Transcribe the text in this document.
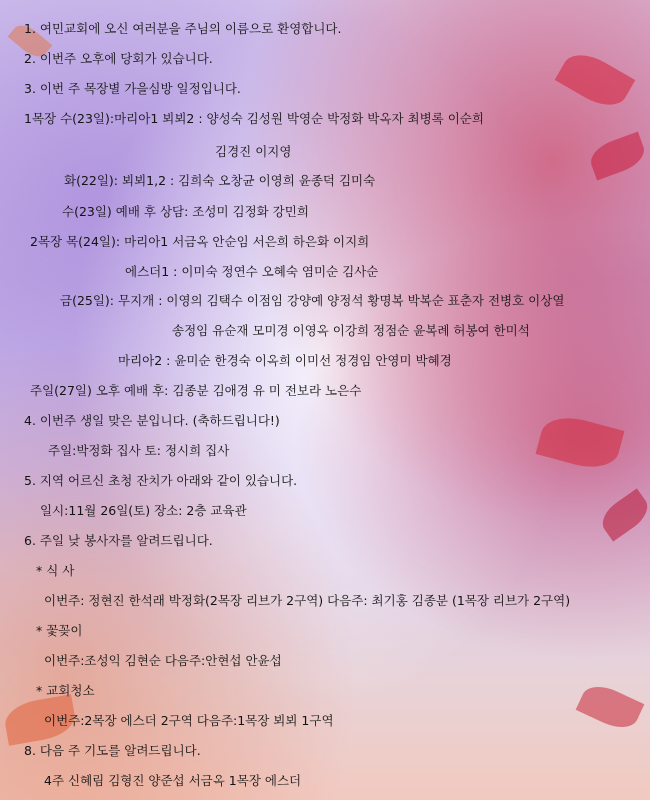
1. 여민교회에 오신 여러분을 주님의 이름으로 환영합니다.
2. 이번주 오후에 당회가 있습니다.
3. 이번 주 목장별 가을심방 일정입니다.
1목장 수(23일):마리아1 뵈뵈2 : 양성숙 김성원 박영순 박정화 박옥자 최병록 이순희
김경진 이지영
화(22일): 뵈뵈1,2 : 김희숙 오창균 이영희 윤종덕 김미숙
수(23일) 예배 후 상담: 조성미 김정화 강민희
2목장 목(24일): 마리아1 서금옥 안순임 서은희 하은화 이지희
에스더1 : 이미숙 정연수 오혜숙 염미순 김사순
금(25일): 무지개 : 이영의 김택수 이점임 강양예 양정석 황명복 박복순 표춘자 전병호 이상열
송정임 유순재 모미경 이영옥 이강희 정점순 윤복례 허봉여 한미석
마리아2 : 윤미순 한경숙 이옥희 이미선 정경임 안영미 박혜경
주일(27일) 오후 예배 후: 김종분 김애경 유 미 전보라 노은수
4. 이번주 생일 맞은 분입니다. (축하드립니다!)
주일:박정화 집사 토: 정시희 집사
5. 지역 어르신 초청 잔치가 아래와 같이 있습니다.
일시:11월 26일(토) 장소: 2층 교육관
6. 주일 낮 봉사자를 알려드립니다.
* 식 사
이번주: 정현진 한석래 박정화(2목장 리브가 2구역) 다음주: 최기홍 김종분 (1목장 리브가 2구역)
* 꽃꽂이
이번주:조성익 김현순 다음주:안현섭 안윤섭
* 교회청소
이번주:2목장 에스더 2구역 다음주:1목장 뵈뵈 1구역
8. 다음 주 기도를 알려드립니다.
4주 신혜림 김형진 양준섭 서금옥 1목장 에스더
